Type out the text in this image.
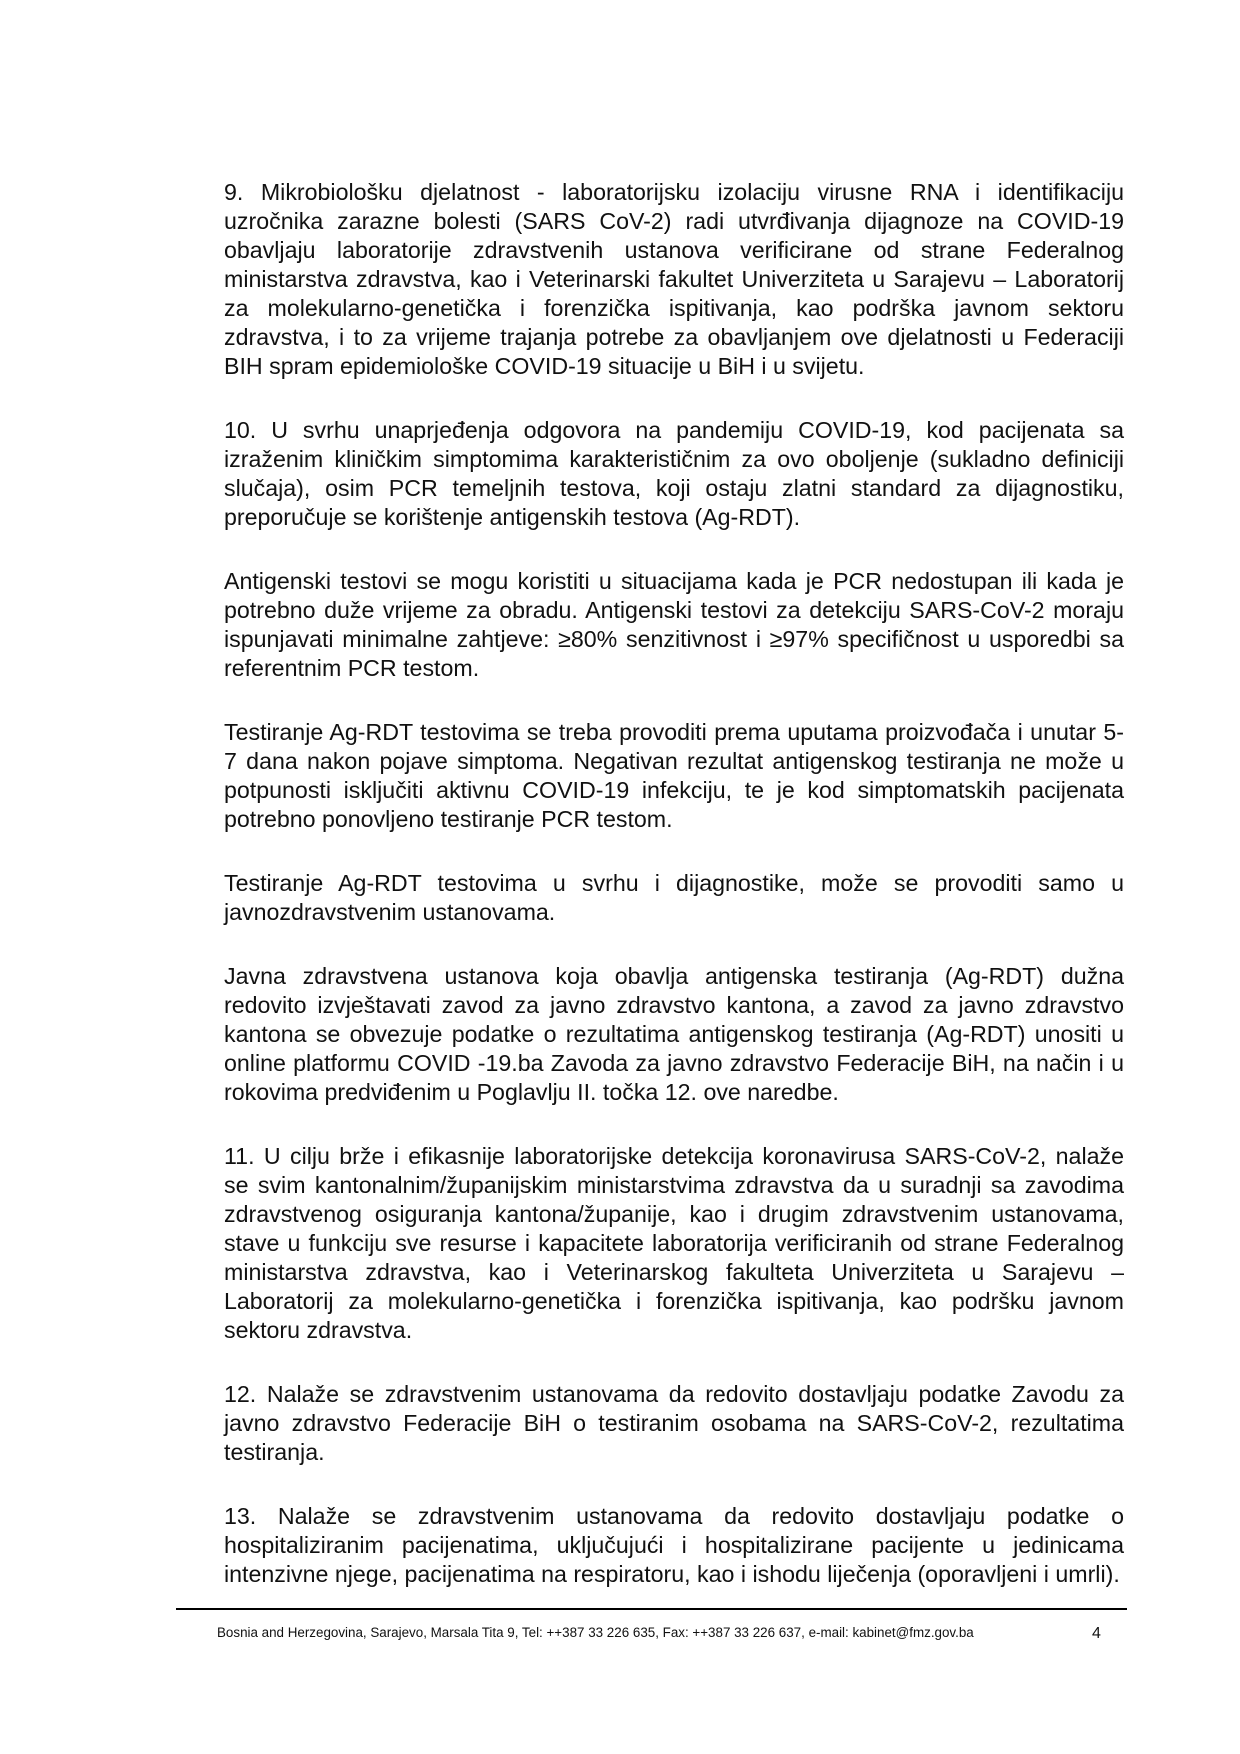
9. Mikrobiološku djelatnost - laboratorijsku izolaciju virusne RNA i identifikaciju uzročnika zarazne bolesti (SARS CoV-2) radi utvrđivanja dijagnoze na COVID-19 obavljaju laboratorije zdravstvenih ustanova verificirane od strane Federalnog ministarstva zdravstva, kao i Veterinarski fakultet Univerziteta u Sarajevu – Laboratorij za molekularno-genetička i forenzička ispitivanja, kao podrška javnom sektoru zdravstva, i to za vrijeme trajanja potrebe za obavljanjem ove djelatnosti u Federaciji BIH spram epidemiološke COVID-19 situacije u BiH i u svijetu.

10. U svrhu unaprjeđenja odgovora na pandemiju COVID-19, kod pacijenata sa izraženim kliničkim simptomima karakterističnim za ovo oboljenje (sukladno definiciji slučaja), osim PCR temeljnih testova, koji ostaju zlatni standard za dijagnostiku, preporučuje se korištenje antigenskih testova (Ag-RDT).

Antigenski testovi se mogu koristiti u situacijama kada je PCR nedostupan ili kada je potrebno duže vrijeme za obradu. Antigenski testovi za detekciju SARS-CoV-2 moraju ispunjavati minimalne zahtjeve: ≥80% senzitivnost i ≥97% specifičnost u usporedbi sa referentnim PCR testom.

Testiranje Ag-RDT testovima se treba provoditi prema uputama proizvođača i unutar 5-7 dana nakon pojave simptoma. Negativan rezultat antigenskog testiranja ne može u potpunosti isključiti aktivnu COVID-19 infekciju, te je kod simptomatskih pacijenata potrebno ponovljeno testiranje PCR testom.

Testiranje Ag-RDT testovima u svrhu i dijagnostike, može se provoditi samo u javnozdravstvenim ustanovama.

Javna zdravstvena ustanova koja obavlja antigenska testiranja (Ag-RDT) dužna redovito izvještavati zavod za javno zdravstvo kantona, a zavod za javno zdravstvo kantona se obvezuje podatke o rezultatima antigenskog testiranja (Ag-RDT) unositi u online platformu COVID -19.ba Zavoda za javno zdravstvo Federacije BiH, na način i u rokovima predviđenim u Poglavlju II. točka 12. ove naredbe.

11. U cilju brže i efikasnije laboratorijske detekcija koronavirusa SARS-CoV-2, nalaže se svim kantonalnim/županijskim ministarstvima zdravstva da u suradnji sa zavodima zdravstvenog osiguranja kantona/županije, kao i drugim zdravstvenim ustanovama, stave u funkciju sve resurse i kapacitete laboratorija verificiranih od strane Federalnog ministarstva zdravstva, kao i Veterinarskog fakulteta Univerziteta u Sarajevu – Laboratorij za molekularno-genetička i forenzička ispitivanja, kao podršku javnom sektoru zdravstva.

12. Nalaže se zdravstvenim ustanovama da redovito dostavljaju podatke Zavodu za javno zdravstvo Federacije BiH o testiranim osobama na SARS-CoV-2, rezultatima testiranja.

13. Nalaže se zdravstvenim ustanovama da redovito dostavljaju podatke o hospitaliziranim pacijenatima, uključujući i hospitalizirane pacijente u jedinicama intenzivne njege, pacijenatima na respiratoru, kao i ishodu liječenja (oporavljeni i umrli).

Bosnia and Herzegovina, Sarajevo, Marsala Tita 9, Tel: ++387 33 226 635, Fax: ++387 33 226 637, e-mail: kabinet@fmz.gov.ba	4
